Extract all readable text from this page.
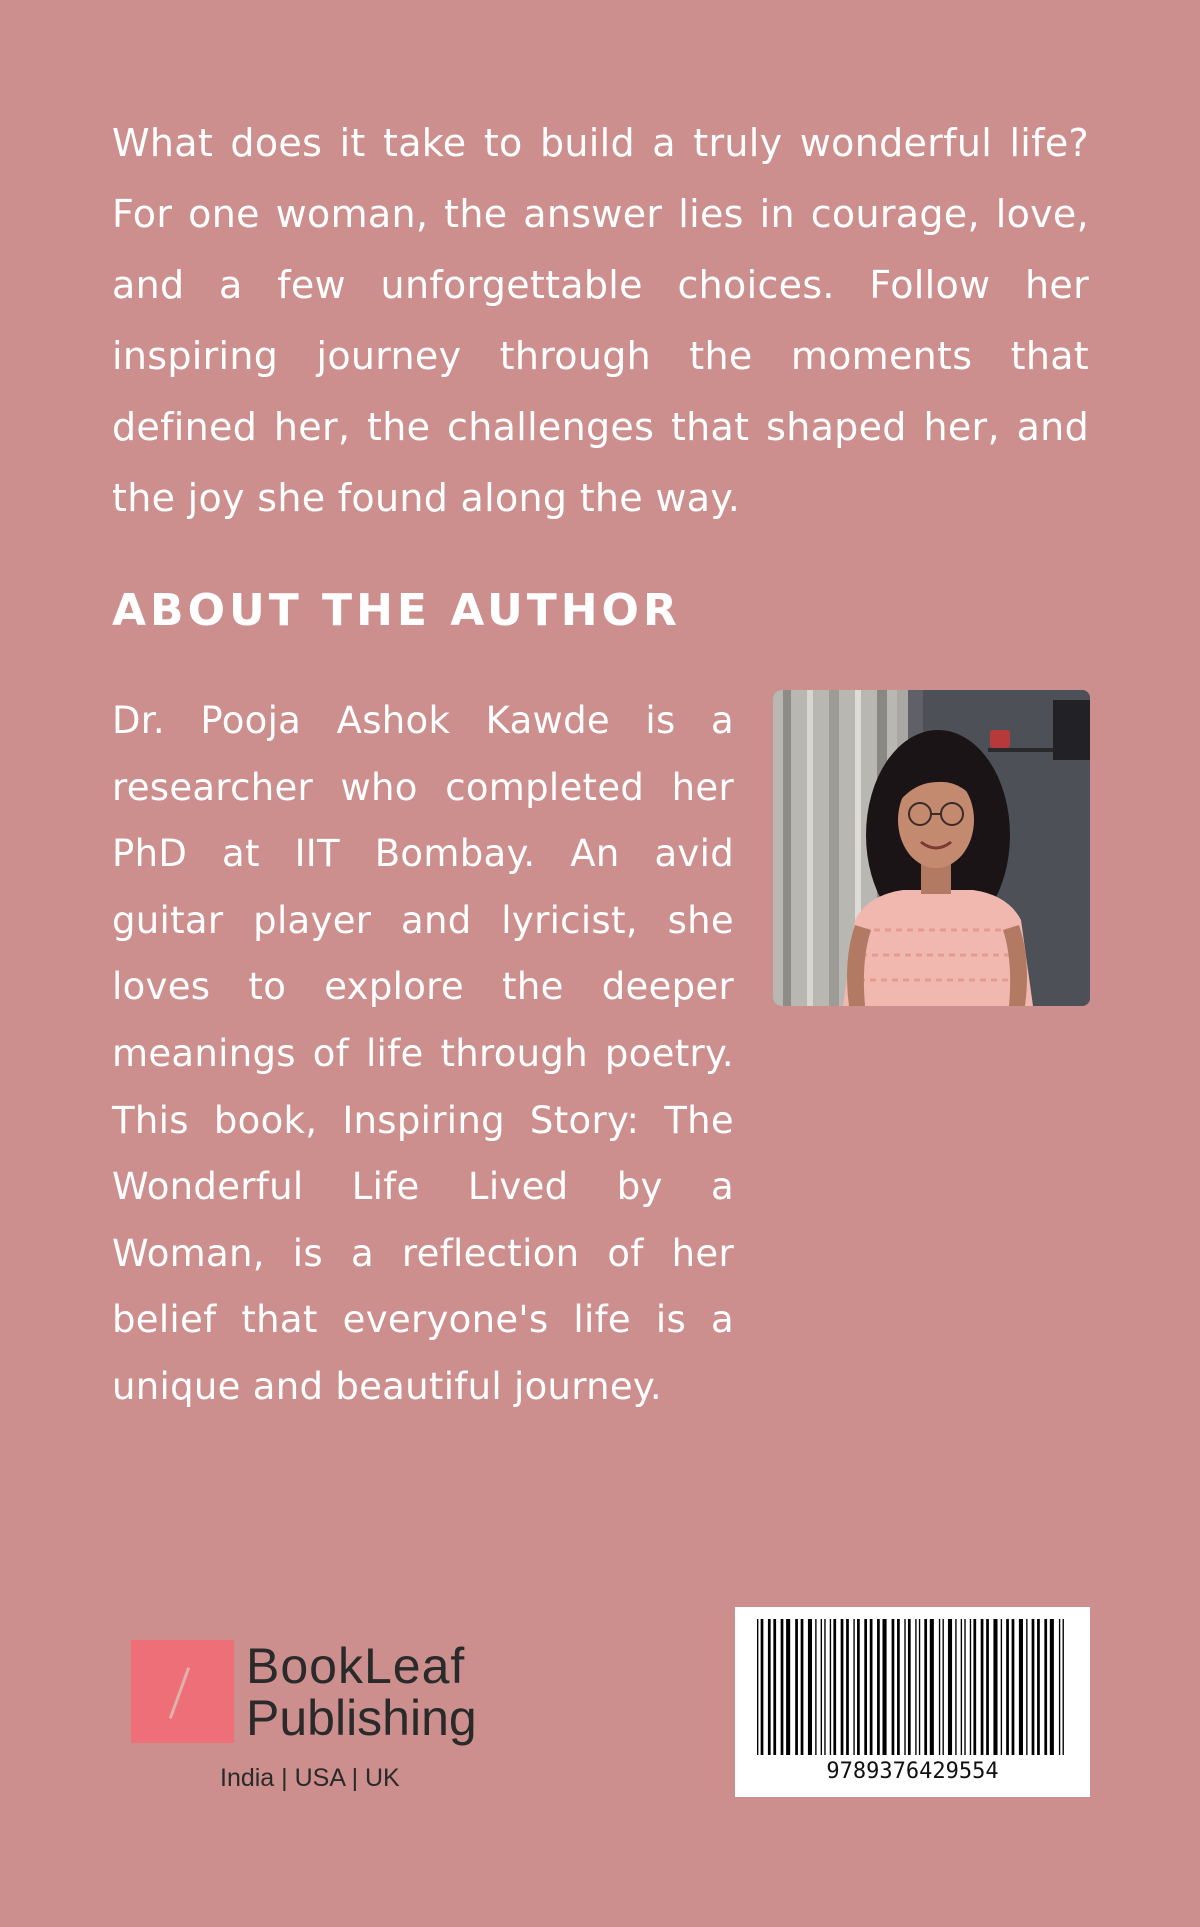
What does it take to build a truly wonderful life? For one woman, the answer lies in courage, love, and a few unforgettable choices. Follow her inspiring journey through the moments that defined her, the challenges that shaped her, and the joy she found along the way.

ABOUT THE AUTHOR

Dr. Pooja Ashok Kawde is a researcher who completed her PhD at IIT Bombay. An avid guitar player and lyricist, she loves to explore the deeper meanings of life through poetry. This book, Inspiring Story: The Wonderful Life Lived by a Woman, is a reflection of her belief that everyone's life is a unique and beautiful journey.

BookLeaf
Publishing
India | USA | UK	9789376429554
